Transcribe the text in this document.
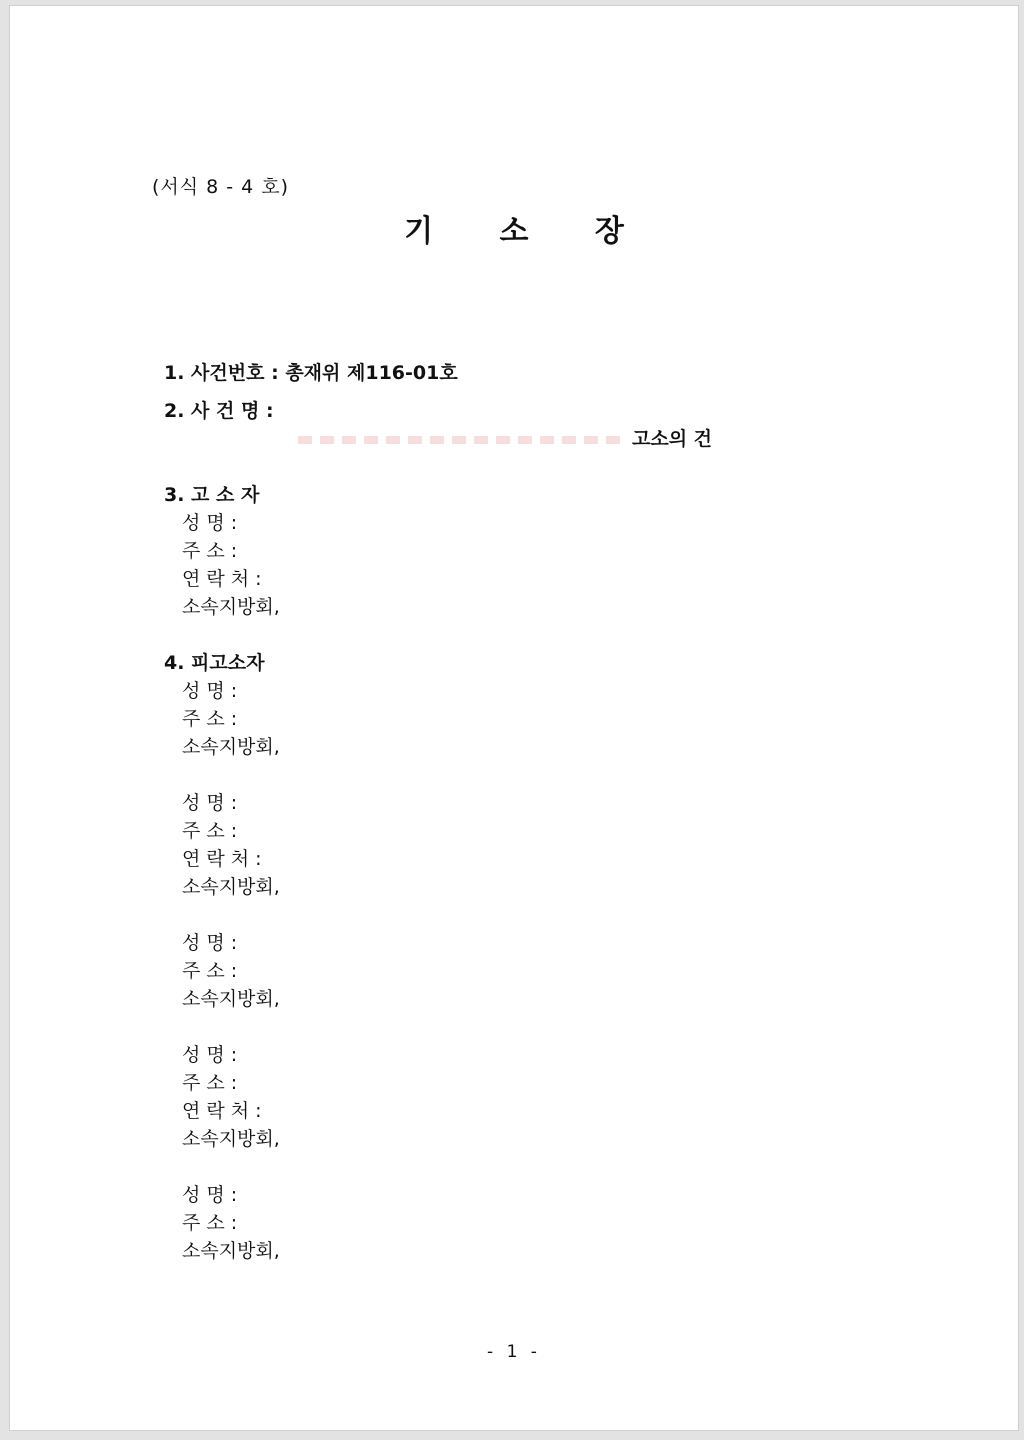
(서식 8 - 4 호)
기 소 장
1. 사건번호 : 총재위 제116-01호
2. 사 건 명 :
고소의 건
3. 고 소 자
성 명 :
주 소 :
연 락 처 :
소속지방회,
4. 피고소자
성 명 :
주 소 :
소속지방회,
성 명 :
주 소 :
연 락 처 :
소속지방회,
성 명 :
주 소 :
소속지방회,
성 명 :
주 소 :
연 락 처 :
소속지방회,
성 명 :
주 소 :
소속지방회,
- 1 -
